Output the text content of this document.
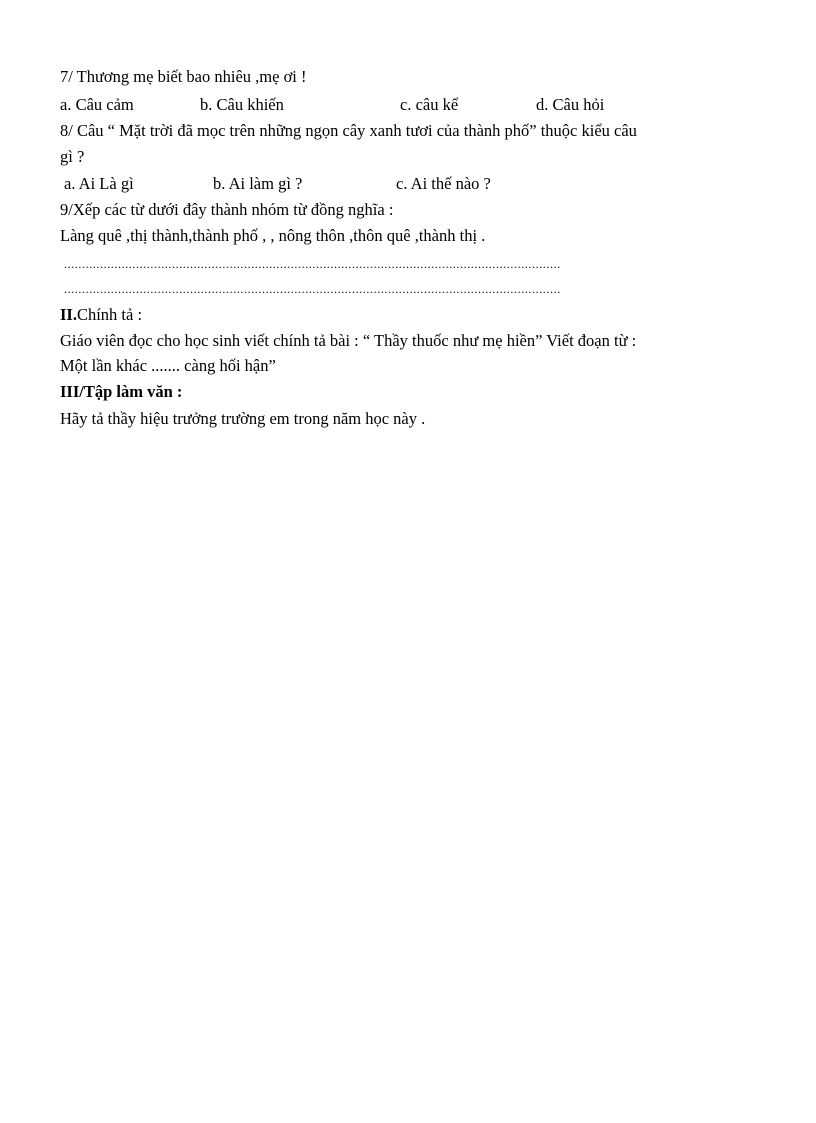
7/ Thương mẹ biết bao nhiêu ,mẹ ơi !
a. Câu cảm	b. Câu khiến	c. câu kể	d. Câu hỏi
8/ Câu “ Mặt trời đã mọc trên những ngọn cây xanh tươi của thành phố” thuộc kiểu câu
gì ?
a. Ai Là gì	b. Ai làm gì ?	c. Ai thế nào ?
9/Xếp các từ dưới đây thành nhóm từ đồng nghĩa :
Làng quê ,thị thành,thành phố , , nông thôn ,thôn quê ,thành thị .
..........................................................................................................................................
..........................................................................................................................................
II.Chính tả :
Giáo viên đọc cho học sinh viết chính tả bài : “ Thầy thuốc như mẹ hiền” Viết đoạn từ :
Một lần khác ....... càng hối hận”
III/Tập làm văn :
Hãy tả thầy hiệu trưởng trường em trong năm học này .
